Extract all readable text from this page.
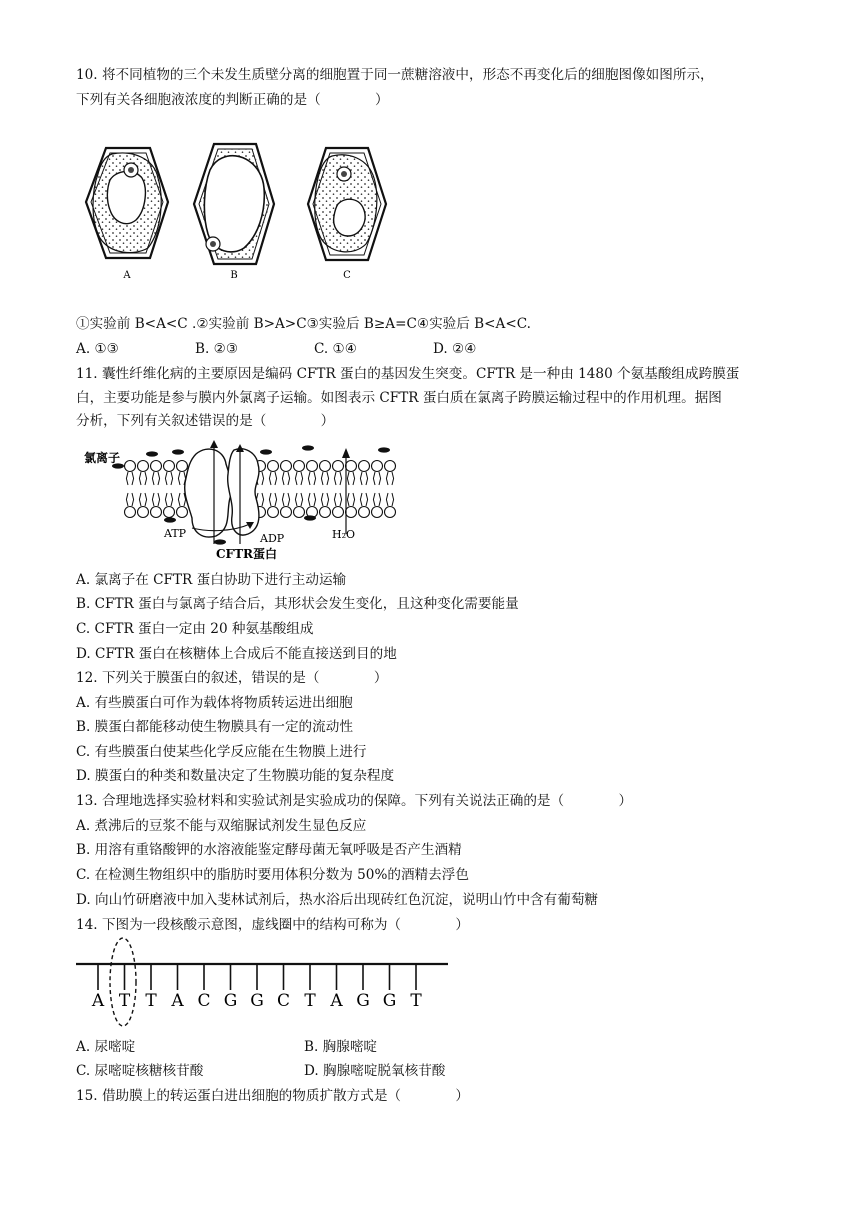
10. 将不同植物的三个未发生质壁分离的细胞置于同一蔗糖溶液中，形态不再变化后的细胞图像如图所示，
下列有关各细胞液浓度的判断正确的是（　　　　）
A	B	C
①实验前 B<A<C .②实验前 B>A>C③实验后 B≥A=C④实验后 B<A<C.
A. ①③	B. ②③	C. ①④	D. ②④
11. 囊性纤维化病的主要原因是编码 CFTR 蛋白的基因发生突变。CFTR 是一种由 1480 个氨基酸组成跨膜蛋
白，主要功能是参与膜内外氯离子运输。如图表示 CFTR 蛋白质在氯离子跨膜运输过程中的作用机理。据图
分析，下列有关叙述错误的是（　　　　）
氯离子
ATP	ADP	H₂O
CFTR蛋白
A. 氯离子在 CFTR 蛋白协助下进行主动运输
B. CFTR 蛋白与氯离子结合后，其形状会发生变化，且这种变化需要能量
C. CFTR 蛋白一定由 20 种氨基酸组成
D. CFTR 蛋白在核糖体上合成后不能直接送到目的地
12. 下列关于膜蛋白的叙述，错误的是（　　　　）
A. 有些膜蛋白可作为载体将物质转运进出细胞
B. 膜蛋白都能移动使生物膜具有一定的流动性
C. 有些膜蛋白使某些化学反应能在生物膜上进行
D. 膜蛋白的种类和数量决定了生物膜功能的复杂程度
13. 合理地选择实验材料和实验试剂是实验成功的保障。下列有关说法正确的是（　　　　）
A. 煮沸后的豆浆不能与双缩脲试剂发生显色反应
B. 用溶有重铬酸钾的水溶液能鉴定酵母菌无氧呼吸是否产生酒精
C. 在检测生物组织中的脂肪时要用体积分数为 50%的酒精去浮色
D. 向山竹研磨液中加入斐林试剂后，热水浴后出现砖红色沉淀，说明山竹中含有葡萄糖
14. 下图为一段核酸示意图，虚线圈中的结构可称为（　　　　）
A T T A C G G C T A G G T
A. 尿嘧啶	B. 胸腺嘧啶
C. 尿嘧啶核糖核苷酸	D. 胸腺嘧啶脱氧核苷酸
15. 借助膜上的转运蛋白进出细胞的物质扩散方式是（　　　　）
